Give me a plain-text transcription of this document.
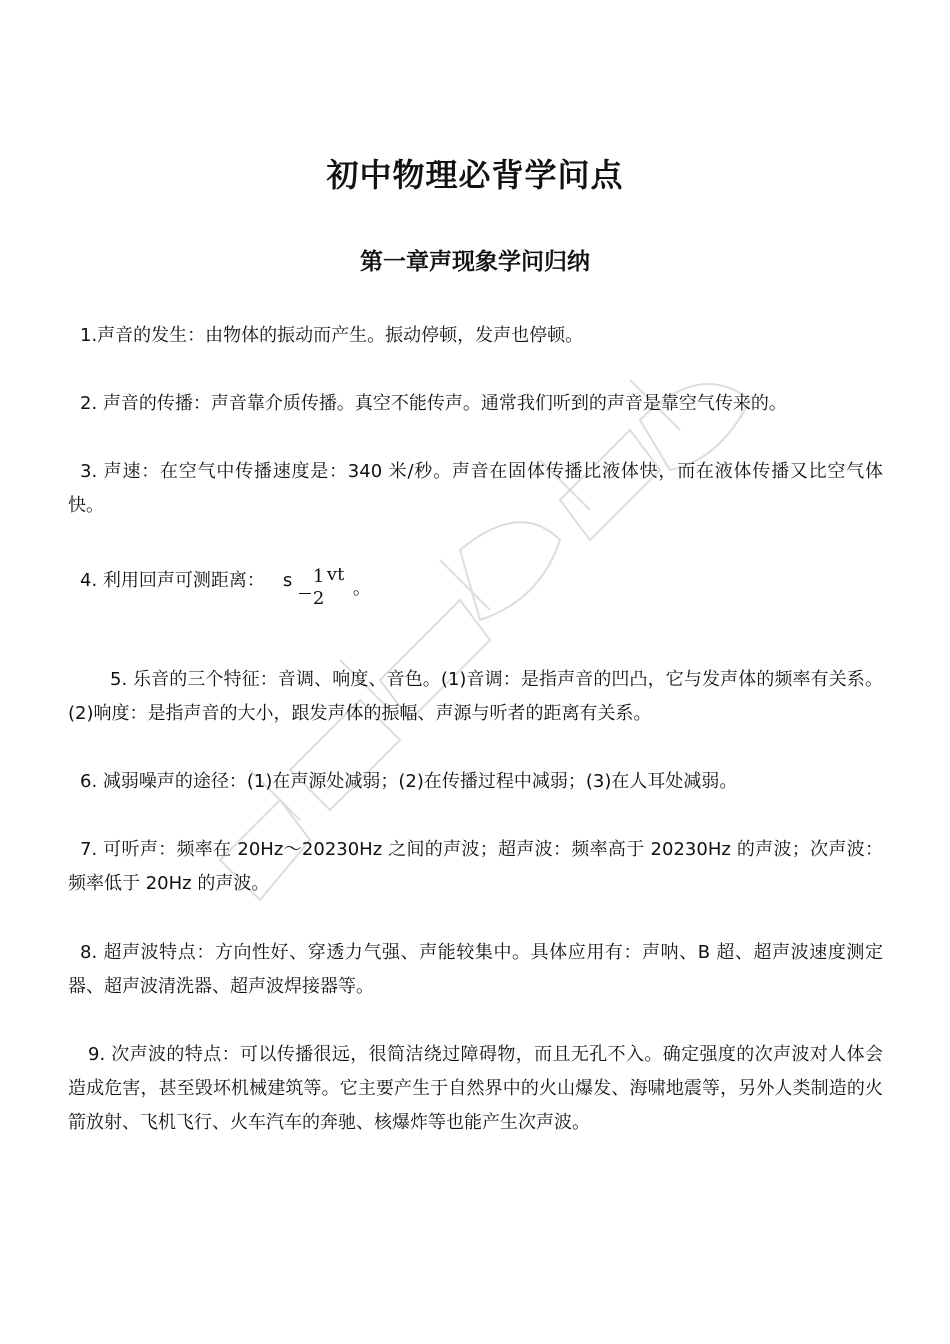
初中物理必背学问点
第一章声现象学问归纳

1.声音的发生：由物体的振动而产生。振动停顿，发声也停顿。

2. 声音的传播：声音靠介质传播。真空不能传声。通常我们听到的声音是靠空气传来的。

3. 声速：在空气中传播速度是：340 米/秒。声音在固体传播比液体快，而在液体传播又比空气体快。

4. 利用回声可测距离：	s	1
2
vt
。

5. 乐音的三个特征：音调、响度、音色。(1)音调：是指声音的凹凸，它与发声体的频率有关系。(2)响度：是指声音的大小，跟发声体的振幅、声源与听者的距离有关系。

6. 减弱噪声的途径：(1)在声源处减弱；(2)在传播过程中减弱；(3)在人耳处减弱。

7. 可听声：频率在 20Hz～20230Hz 之间的声波；超声波：频率高于 20230Hz 的声波；次声波： 频率低于 20Hz 的声波。

8. 超声波特点：方向性好、穿透力气强、声能较集中。具体应用有：声呐、B 超、超声波速度测定器、超声波清洗器、超声波焊接器等。

9. 次声波的特点：可以传播很远，很简洁绕过障碍物，而且无孔不入。确定强度的次声波对人体会造成危害，甚至毁坏机械建筑等。它主要产生于自然界中的火山爆发、海啸地震等，另外人类制造的火箭放射、飞机飞行、火车汽车的奔驰、核爆炸等也能产生次声波。
